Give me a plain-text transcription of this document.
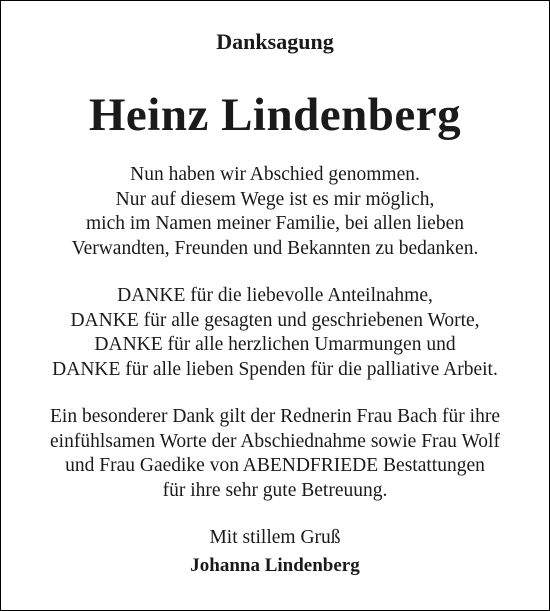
Danksagung
Heinz Lindenberg
Nun haben wir Abschied genommen.
Nur auf diesem Wege ist es mir möglich,
mich im Namen meiner Familie, bei allen lieben
Verwandten, Freunden und Bekannten zu bedanken.
DANKE für die liebevolle Anteilnahme,
DANKE für alle gesagten und geschriebenen Worte,
DANKE für alle herzlichen Umarmungen und
DANKE für alle lieben Spenden für die palliative Arbeit.
Ein besonderer Dank gilt der Rednerin Frau Bach für ihre
einfühlsamen Worte der Abschiednahme sowie Frau Wolf
und Frau Gaedike von ABENDFRIEDE Bestattungen
für ihre sehr gute Betreuung.
Mit stillem Gruß
Johanna Lindenberg
